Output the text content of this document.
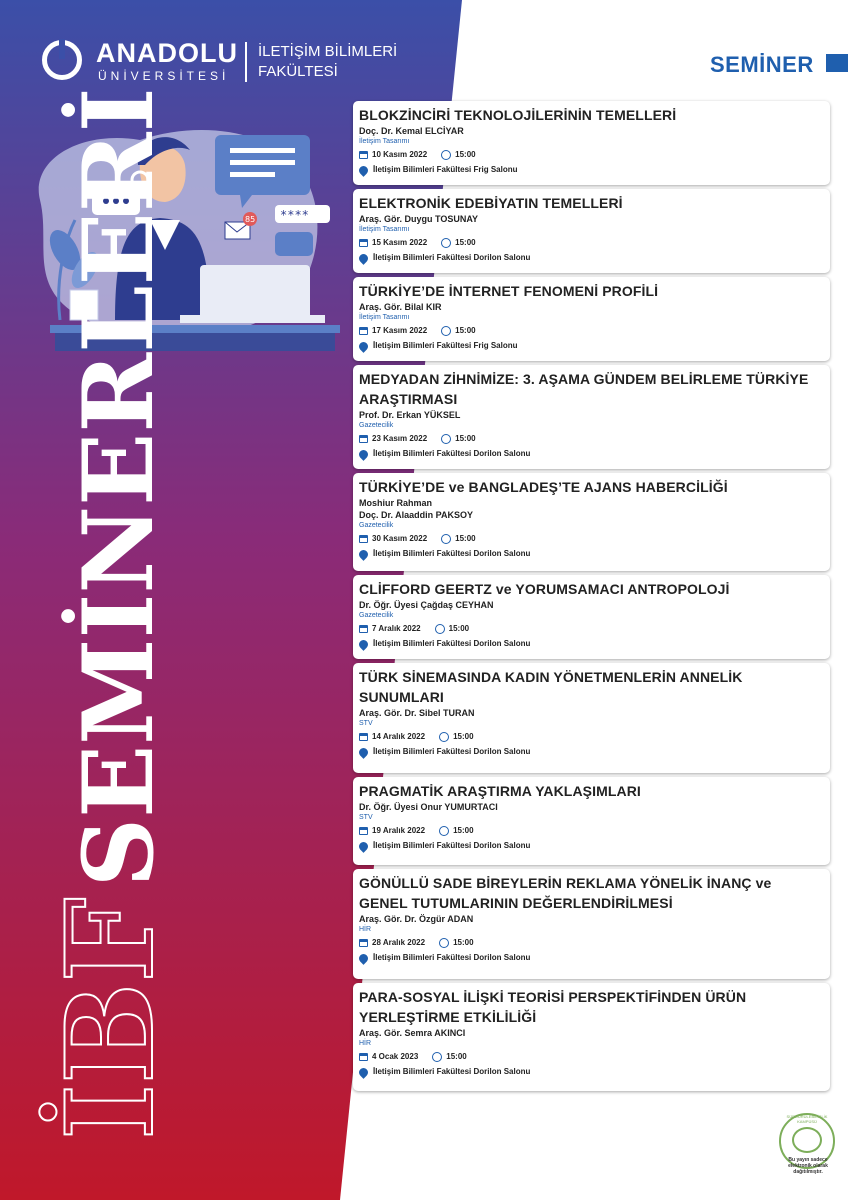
ANADOLU
ÜNİVERSİTESİ
İLETİŞİM BİLİMLERİ
FAKÜLTESİ	SEMİNER
****
85
İBFSEMİNERLERİ	BLOKZİNCİRİ TEKNOLOJİLERİNİN TEMELLERİ
Doç. Dr. Kemal ELCİYAR
İletişim Tasarımı
10 Kasım 2022	15:00
İletişim Bilimleri Fakültesi Frig Salonu
ELEKTRONİK EDEBİYATIN TEMELLERİ
Araş. Gör. Duygu TOSUNAY
İletişim Tasarımı
15 Kasım 2022	15:00
İletişim Bilimleri Fakültesi Dorilon Salonu
TÜRKİYE’DE İNTERNET FENOMENİ PROFİLİ
Araş. Gör. Bilal KIR
İletişim Tasarımı
17 Kasım 2022	15:00
İletişim Bilimleri Fakültesi Frig Salonu
MEDYADAN ZİHNİMİZE: 3. AŞAMA GÜNDEM BELİRLEME TÜRKİYE ARAŞTIRMASI
Prof. Dr. Erkan YÜKSEL
Gazetecilik
23 Kasım 2022	15:00
İletişim Bilimleri Fakültesi Dorilon Salonu
TÜRKİYE’DE ve BANGLADEŞ’TE AJANS HABERCİLİĞİ
Moshiur Rahman
Doç. Dr. Alaaddin PAKSOY
Gazetecilik
30 Kasım 2022	15:00
İletişim Bilimleri Fakültesi Dorilon Salonu
CLİFFORD GEERTZ ve YORUMSAMACI ANTROPOLOJİ
Dr. Öğr. Üyesi Çağdaş CEYHAN
Gazetecilik
7 Aralık 2022	15:00
İletişim Bilimleri Fakültesi Dorilon Salonu
TÜRK SİNEMASINDA KADIN YÖNETMENLERİN ANNELİK SUNUMLARI
Araş. Gör. Dr. Sibel TURAN
STV
14 Aralık 2022	15:00
İletişim Bilimleri Fakültesi Dorilon Salonu
PRAGMATİK ARAŞTIRMA YAKLAŞIMLARI
Dr. Öğr. Üyesi Onur YUMURTACI
STV
19 Aralık 2022	15:00
İletişim Bilimleri Fakültesi Dorilon Salonu
GÖNÜLLÜ SADE BİREYLERİN REKLAMA YÖNELİK İNANÇ ve GENEL TUTUMLARININ DEĞERLENDİRİLMESİ
Araş. Gör. Dr. Özgür ADAN
HİR
28 Aralık 2022	15:00
İletişim Bilimleri Fakültesi Dorilon Salonu
PARA-SOSYAL İLİŞKİ TEORİSİ PERSPEKTİFİNDEN ÜRÜN YERLEŞTİRME ETKİLİLİĞİ
Araş. Gör. Semra AKINCI
HİR
4 Ocak 2023	15:00
İletişim Bilimleri Fakültesi Dorilon Salonu
SÜRDÜRÜLEBİLİRLİK KAMPÜSÜ
Bu yayın sadece elektronik olarak dağıtılmıştır.
